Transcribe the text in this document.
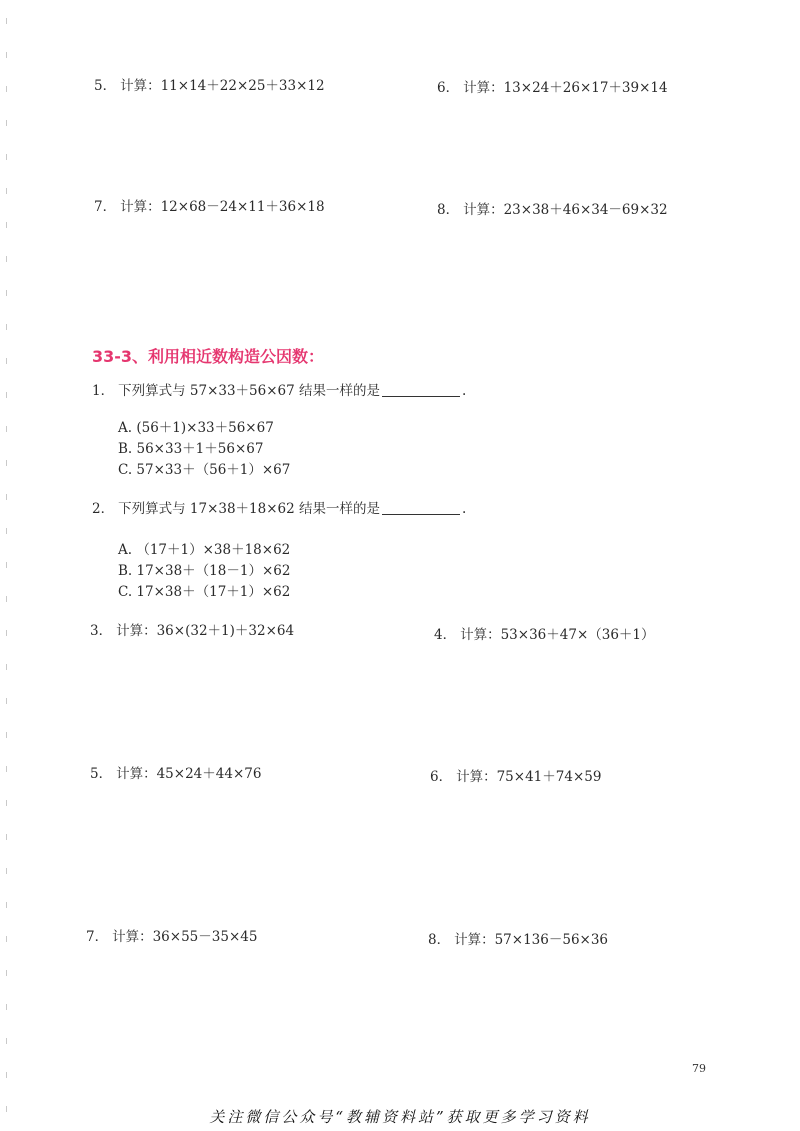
5． 计算：11×14＋22×25＋33×12	6． 计算：13×24＋26×17＋39×14
7． 计算：12×68－24×11＋36×18	8． 计算：23×38＋46×34－69×32
33-3、利用相近数构造公因数：
1． 下列算式与 57×33＋56×67 结果一样的是	.
A. (56＋1)×33＋56×67
B. 56×33＋1＋56×67
C. 57×33＋（56＋1）×67
2． 下列算式与 17×38＋18×62 结果一样的是	.
A. （17＋1）×38＋18×62
B. 17×38＋（18－1）×62
C. 17×38＋（17＋1）×62
3． 计算：36×(32＋1)＋32×64	4． 计算：53×36＋47×（36＋1）
5． 计算：45×24＋44×76	6． 计算：75×41＋74×59
7． 计算：36×55－35×45	8． 计算：57×136－56×36
79
关注微信公众号“教辅资料站”获取更多学习资料
